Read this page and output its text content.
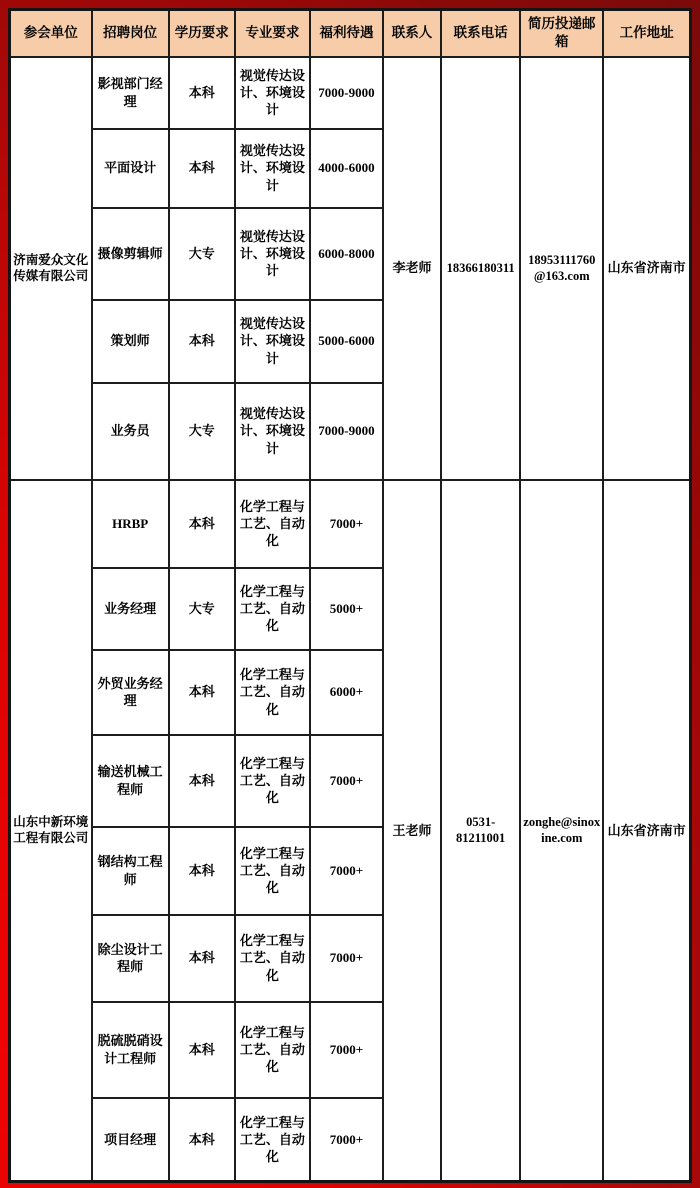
参会单位	招聘岗位	学历要求	专业要求	福利待遇	联系人	联系电话	简历投递邮箱	工作地址
济南爱众文化传媒有限公司	影视部门经理	本科	视觉传达设计、环境设计	7000-9000	李老师	18366180311	18953111760@163.com	山东省济南市
	平面设计	本科	视觉传达设计、环境设计	4000-6000				
	摄像剪辑师	大专	视觉传达设计、环境设计	6000-8000				
	策划师	本科	视觉传达设计、环境设计	5000-6000				
	业务员	大专	视觉传达设计、环境设计	7000-9000				
山东中新环境工程有限公司	HRBP	本科	化学工程与工艺、自动化	7000+	王老师	0531-81211001	zonghe@sinoxine.com	山东省济南市
	业务经理	大专	化学工程与工艺、自动化	5000+				
	外贸业务经理	本科	化学工程与工艺、自动化	6000+				
	输送机械工程师	本科	化学工程与工艺、自动化	7000+				
	钢结构工程师	本科	化学工程与工艺、自动化	7000+				
	除尘设计工程师	本科	化学工程与工艺、自动化	7000+				
	脱硫脱硝设计工程师	本科	化学工程与工艺、自动化	7000+				
	项目经理	本科	化学工程与工艺、自动化	7000+				
